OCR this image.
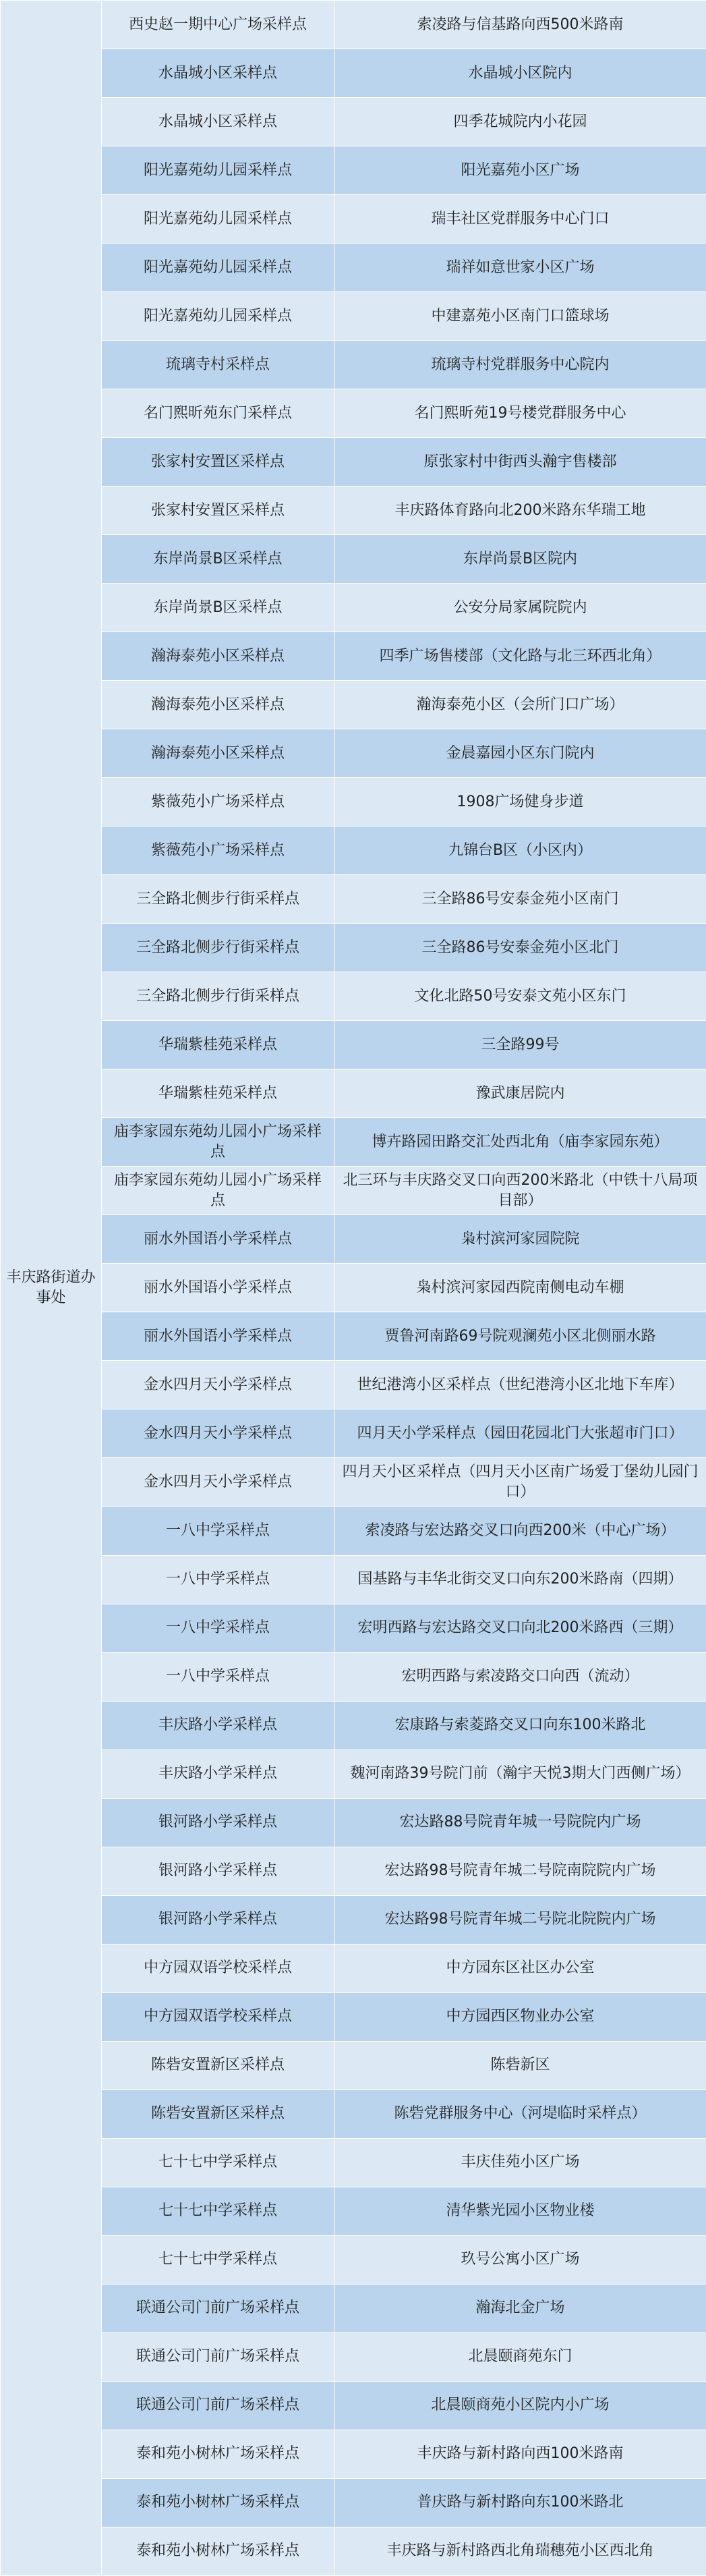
丰庆路街道办事处	西史赵一期中心广场采样点	索凌路与信基路向西500米路南
	水晶城小区采样点	水晶城小区院内
	水晶城小区采样点	四季花城院内小花园
	阳光嘉苑幼儿园采样点	阳光嘉苑小区广场
	阳光嘉苑幼儿园采样点	瑞丰社区党群服务中心门口
	阳光嘉苑幼儿园采样点	瑞祥如意世家小区广场
	阳光嘉苑幼儿园采样点	中建嘉苑小区南门口篮球场
	琉璃寺村采样点	琉璃寺村党群服务中心院内
	名门熙昕苑东门采样点	名门熙昕苑19号楼党群服务中心
	张家村安置区采样点	原张家村中街西头瀚宇售楼部
	张家村安置区采样点	丰庆路体育路向北200米路东华瑞工地
	东岸尚景B区采样点	东岸尚景B区院内
	东岸尚景B区采样点	公安分局家属院院内
	瀚海泰苑小区采样点	四季广场售楼部（文化路与北三环西北角）
	瀚海泰苑小区采样点	瀚海泰苑小区（会所门口广场）
	瀚海泰苑小区采样点	金晨嘉园小区东门院内
	紫薇苑小广场采样点	1908广场健身步道
	紫薇苑小广场采样点	九锦台B区（小区内）
	三全路北侧步行街采样点	三全路86号安泰金苑小区南门
	三全路北侧步行街采样点	三全路86号安泰金苑小区北门
	三全路北侧步行街采样点	文化北路50号安泰文苑小区东门
	华瑞紫桂苑采样点	三全路99号
	华瑞紫桂苑采样点	豫武康居院内
	庙李家园东苑幼儿园小广场采样点	博卉路园田路交汇处西北角（庙李家园东苑）
	庙李家园东苑幼儿园小广场采样点	北三环与丰庆路交叉口向西200米路北（中铁十八局项目部）
	丽水外国语小学采样点	枭村滨河家园院院
	丽水外国语小学采样点	枭村滨河家园西院南侧电动车棚
	丽水外国语小学采样点	贾鲁河南路69号院观澜苑小区北侧丽水路
	金水四月天小学采样点	世纪港湾小区采样点（世纪港湾小区北地下车库）
	金水四月天小学采样点	四月天小学采样点（园田花园北门大张超市门口）
	金水四月天小学采样点	四月天小区采样点（四月天小区南广场爱丁堡幼儿园门口）
	一八中学采样点	索凌路与宏达路交叉口向西200米（中心广场）
	一八中学采样点	国基路与丰华北街交叉口向东200米路南（四期）
	一八中学采样点	宏明西路与宏达路交叉口向北200米路西（三期）
	一八中学采样点	宏明西路与索凌路交口向西（流动）
	丰庆路小学采样点	宏康路与索菱路交叉口向东100米路北
	丰庆路小学采样点	魏河南路39号院门前（瀚宇天悦3期大门西侧广场）
	银河路小学采样点	宏达路88号院青年城一号院院内广场
	银河路小学采样点	宏达路98号院青年城二号院南院院内广场
	银河路小学采样点	宏达路98号院青年城二号院北院院内广场
	中方园双语学校采样点	中方园东区社区办公室
	中方园双语学校采样点	中方园西区物业办公室
	陈砦安置新区采样点	陈砦新区
	陈砦安置新区采样点	陈砦党群服务中心（河堤临时采样点）
	七十七中学采样点	丰庆佳苑小区广场
	七十七中学采样点	清华紫光园小区物业楼
	七十七中学采样点	玖号公寓小区广场
	联通公司门前广场采样点	瀚海北金广场
	联通公司门前广场采样点	北晨颐商苑东门
	联通公司门前广场采样点	北晨颐商苑小区院内小广场
	泰和苑小树林广场采样点	丰庆路与新村路向西100米路南
	泰和苑小树林广场采样点	普庆路与新村路向东100米路北
	泰和苑小树林广场采样点	丰庆路与新村路西北角瑞穗苑小区西北角
